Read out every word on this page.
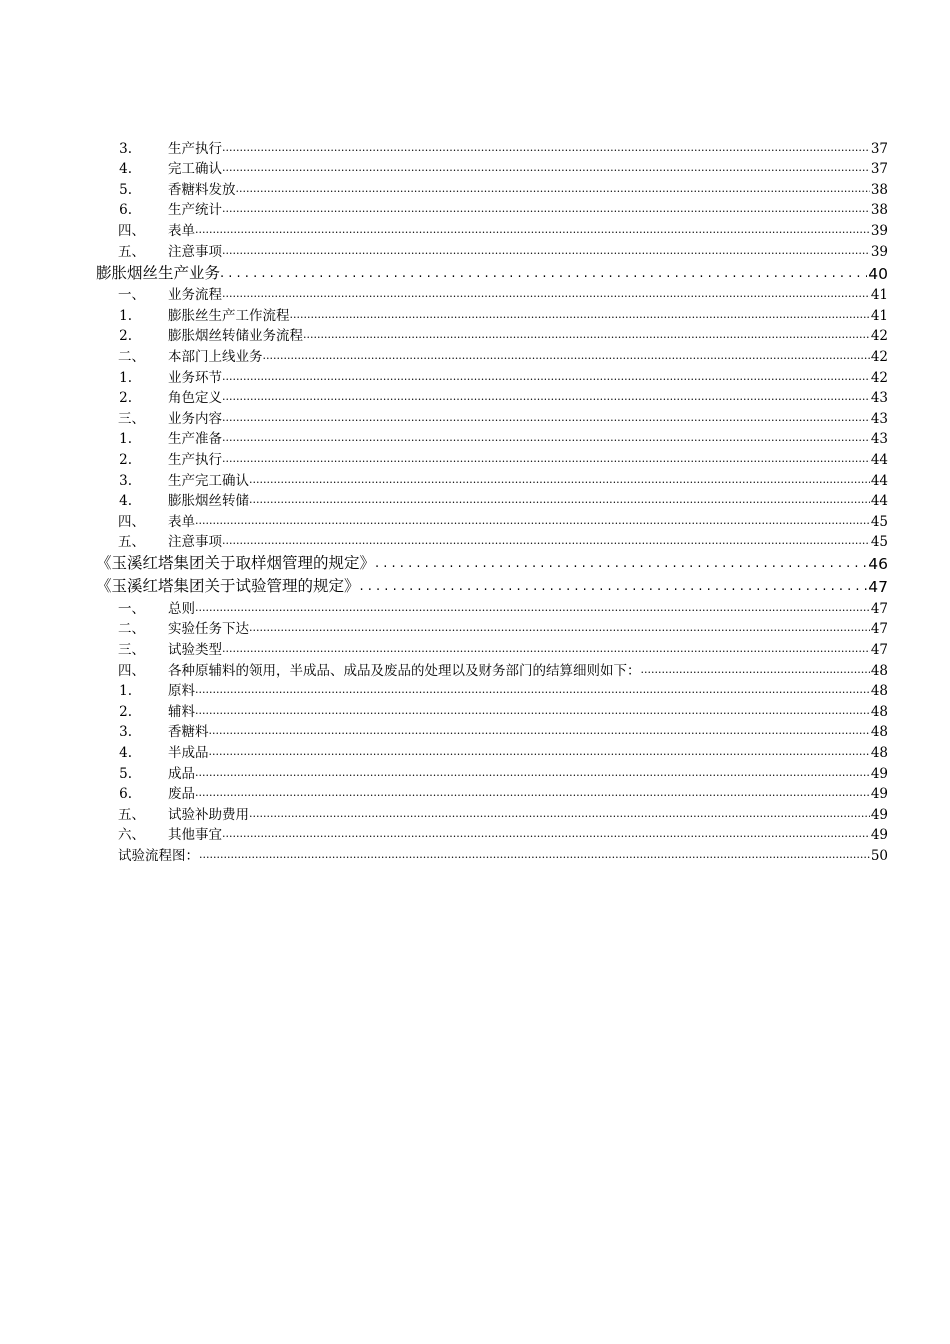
3.	生产执行 .....	37
4.	完工确认 .....	37
5.	香糖料发放 .....	38
6.	生产统计 .....	38
四、	表单 .....	39
五、	注意事项 .....	39
膨胀烟丝生产业务 . . .	40
一、	业务流程 .....	41
1.	膨胀丝生产工作流程 .....	41
2.	膨胀烟丝转储业务流程 .....	42
二、	本部门上线业务 .....	42
1.	业务环节 .....	42
2.	角色定义 .....	43
三、	业务内容 .....	43
1.	生产准备 .....	43
2.	生产执行 .....	44
3.	生产完工确认 .....	44
4.	膨胀烟丝转储 .....	44
四、	表单 .....	45
五、	注意事项 .....	45
《玉溪红塔集团关于取样烟管理的规定》 . . .	46
《玉溪红塔集团关于试验管理的规定》 . . .	47
一、	总则 .....	47
二、	实验任务下达 .....	47
三、	试验类型 .....	47
四、	各种原辅料的领用，半成品、成品及废品的处理以及财务部门的结算细则如下： .....	48
1.	原料 .....	48
2.	辅料 .....	48
3.	香糖料 .....	48
4.	半成品 .....	48
5.	成品 .....	49
6.	废品 .....	49
五、	试验补助费用 .....	49
六、	其他事宜 .....	49
试验流程图： .....	50
